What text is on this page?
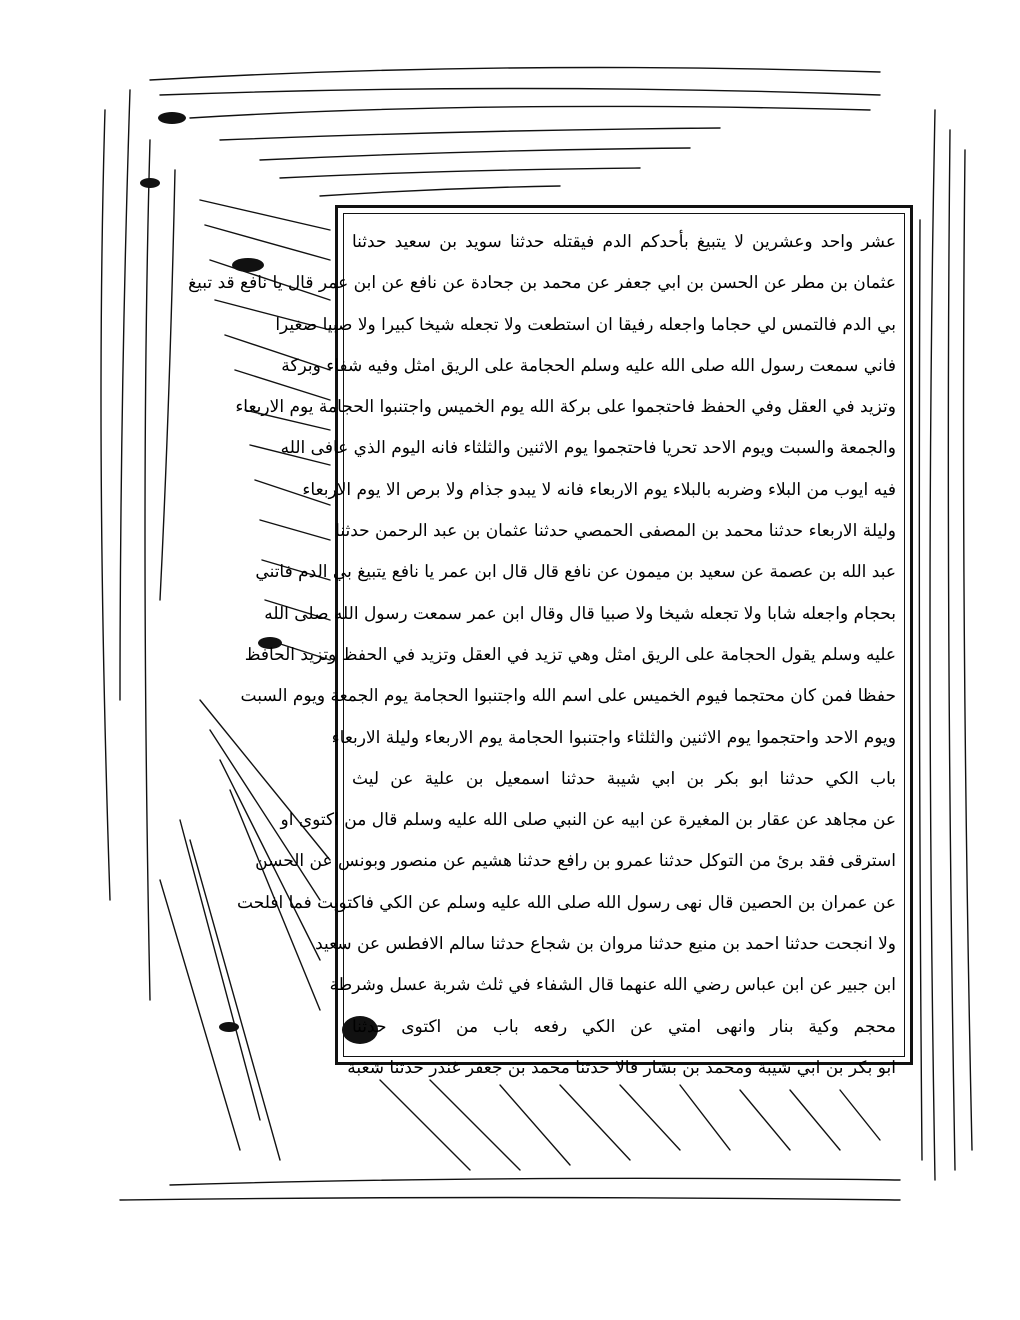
عشر واحد وعشرين لا يتبيغ بأحدكم الدم فيقتله حدثنا سويد بن سعيد حدثنا
عثمان بن مطر عن الحسن بن ابي جعفر عن محمد بن جحادة عن نافع عن ابن عمر قال يا نافع قد تبيغ
بي الدم فالتمس لي حجاما واجعله رفيقا ان استطعت ولا تجعله شيخا كبيرا ولا صبيا صغيرا
فاني سمعت رسول الله صلى الله عليه وسلم الحجامة على الريق امثل وفيه شفاء وبركة
وتزيد في العقل وفي الحفظ فاحتجموا على بركة الله يوم الخميس واجتنبوا الحجامة يوم الاربعاء
والجمعة والسبت ويوم الاحد تحريا فاحتجموا يوم الاثنين والثلثاء فانه اليوم الذي عافى الله
فيه ايوب من البلاء وضربه بالبلاء يوم الاربعاء فانه لا يبدو جذام ولا برص الا يوم الاربعاء
وليلة الاربعاء حدثنا محمد بن المصفى الحمصي حدثنا عثمان بن عبد الرحمن حدثنا
عبد الله بن عصمة عن سعيد بن ميمون عن نافع قال قال ابن عمر يا نافع يتبيغ بي الدم فاتني
بحجام واجعله شابا ولا تجعله شيخا ولا صبيا قال وقال ابن عمر سمعت رسول الله صلى الله
عليه وسلم يقول الحجامة على الريق امثل وهي تزيد في العقل وتزيد في الحفظ وتزيد الحافظ
حفظا فمن كان محتجما فيوم الخميس على اسم الله واجتنبوا الحجامة يوم الجمعة ويوم السبت
ويوم الاحد واحتجموا يوم الاثنين والثلثاء واجتنبوا الحجامة يوم الاربعاء وليلة الاربعاء
باب الكي حدثنا ابو بكر بن ابي شيبة حدثنا اسمعيل بن علية عن ليث
عن مجاهد عن عقار بن المغيرة عن ابيه عن النبي صلى الله عليه وسلم قال من اكتوى او
استرقى فقد برئ من التوكل حدثنا عمرو بن رافع حدثنا هشيم عن منصور وبونس عن الحسن
عن عمران بن الحصين قال نهى رسول الله صلى الله عليه وسلم عن الكي فاكتويت فما افلحت
ولا انجحت حدثنا احمد بن منيع حدثنا مروان بن شجاع حدثنا سالم الافطس عن سعيد
ابن جبير عن ابن عباس رضي الله عنهما قال الشفاء في ثلث شربة عسل وشرطة
محجم وكية بنار وانهى امتي عن الكي رفعه باب من اكتوى حدثنا
ابو بكر بن ابي شيبة ومحمد بن بشار قالا حدثنا محمد بن جعفر غندر حدثنا شعبة
